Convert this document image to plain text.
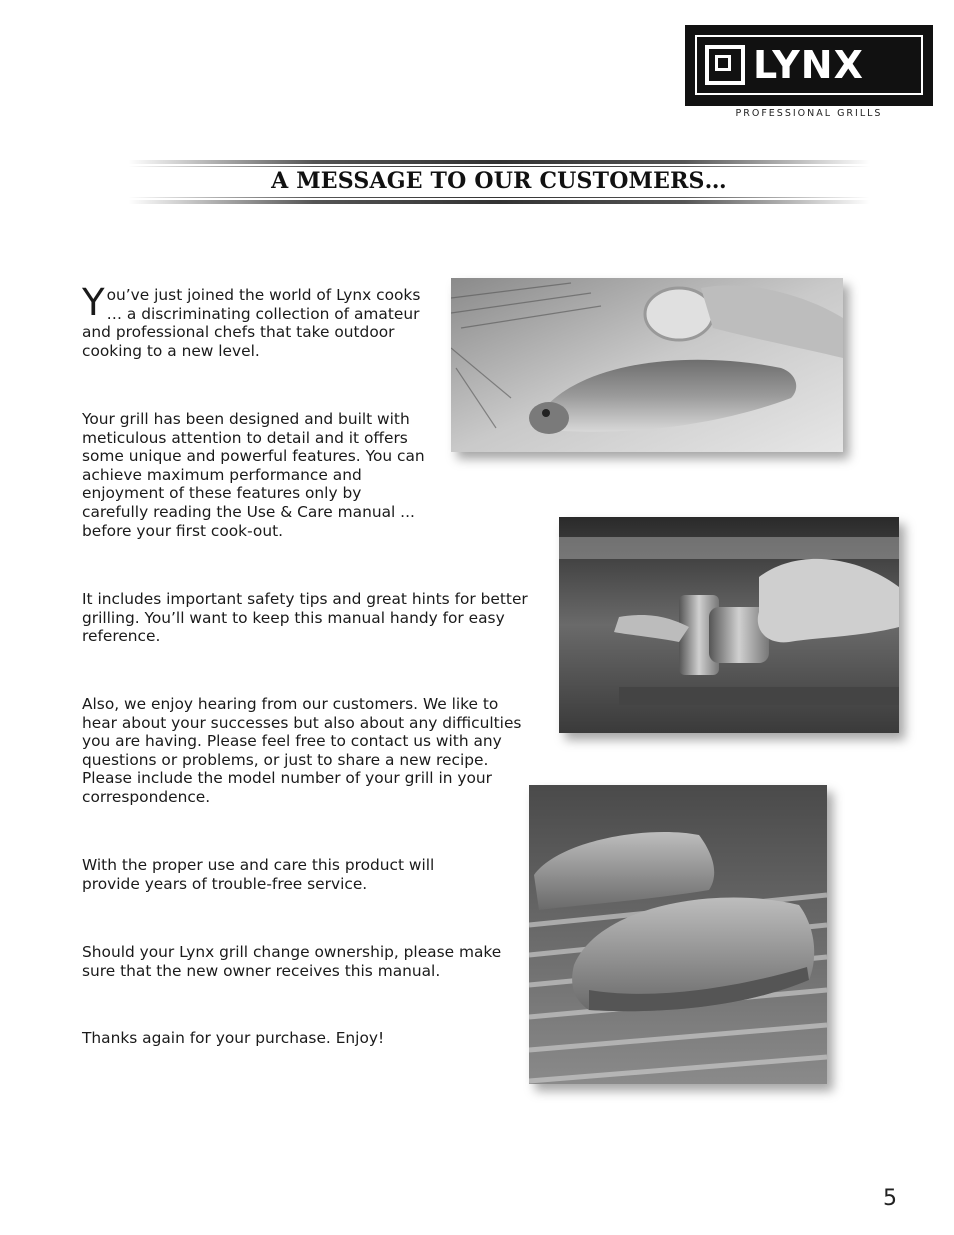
LYNX
PROFESSIONAL GRILLS
A MESSAGE TO OUR CUSTOMERS…

You’ve just joined the world of Lynx cooks … a discriminating collection of amateur and professional chefs that take outdoor cooking to a new level.

Your grill has been designed and built with meticulous attention to detail and it offers some unique and powerful features. You can achieve maximum performance and enjoyment of these features only by carefully reading the Use & Care manual ... before your first cook-out.

It includes important safety tips and great hints for better grilling. You’ll want to keep this manual handy for easy reference.

Also, we enjoy hearing from our customers. We like to hear about your successes but also about any difficulties you are having. Please feel free to contact us with any questions or problems, or just to share a new recipe. Please include the model number of your grill in your correspondence.

With the proper use and care this product will provide years of trouble-free service.

Should your Lynx grill change ownership, please make sure that the new owner receives this manual.

Thanks again for your purchase. Enjoy!

5
